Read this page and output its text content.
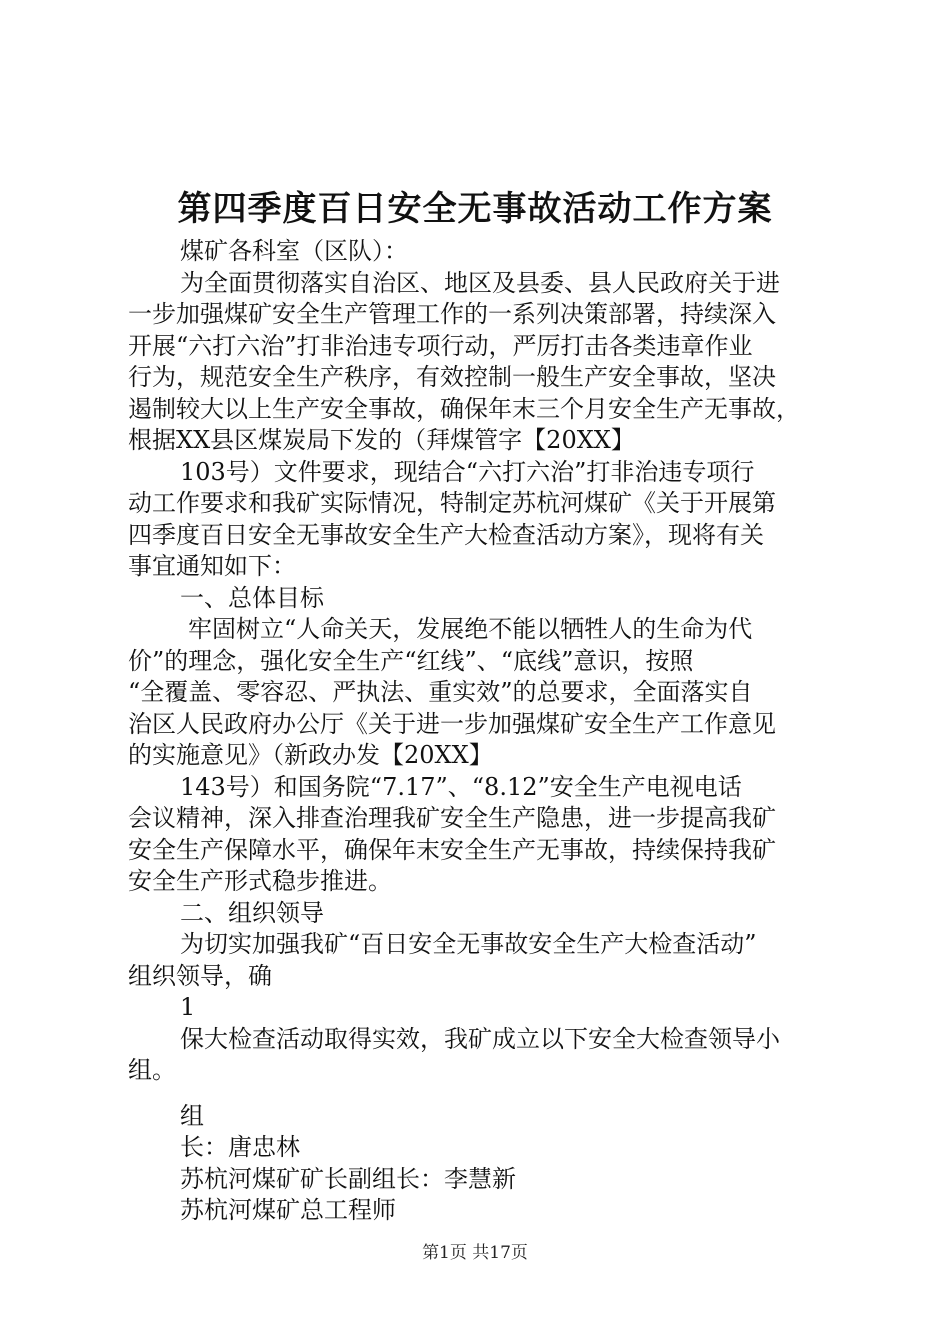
第四季度百日安全无事故活动工作方案

煤矿各科室（区队）：

为全面贯彻落实自治区、地区及县委、县人民政府关于进

一步加强煤矿安全生产管理工作的一系列决策部署，持续深入

开展“六打六治”打非治违专项行动，严厉打击各类违章作业

行为，规范安全生产秩序，有效控制一般生产安全事故，坚决

遏制较大以上生产安全事故，确保年末三个月安全生产无事故，

根据XX县区煤炭局下发的（拜煤管字【20XX】

103号）文件要求，现结合“六打六治”打非治违专项行

动工作要求和我矿实际情况，特制定苏杭河煤矿《关于开展第

四季度百日安全无事故安全生产大检查活动方案》，现将有关

事宜通知如下：

一、总体目标

牢固树立“人命关天，发展绝不能以牺牲人的生命为代

价”的理念，强化安全生产“红线”、“底线”意识，按照

“全覆盖、零容忍、严执法、重实效”的总要求，全面落实自

治区人民政府办公厅《关于进一步加强煤矿安全生产工作意见

的实施意见》（新政办发【20XX】

143号）和国务院“7.17”、“8.12”安全生产电视电话

会议精神，深入排查治理我矿安全生产隐患，进一步提高我矿

安全生产保障水平，确保年末安全生产无事故，持续保持我矿

安全生产形式稳步推进。

二、组织领导

为切实加强我矿“百日安全无事故安全生产大检查活动”

组织领导，确

1

保大检查活动取得实效，我矿成立以下安全大检查领导小

组。

组

长：唐忠林

苏杭河煤矿矿长副组长：李慧新

苏杭河煤矿总工程师

第1页 共17页
